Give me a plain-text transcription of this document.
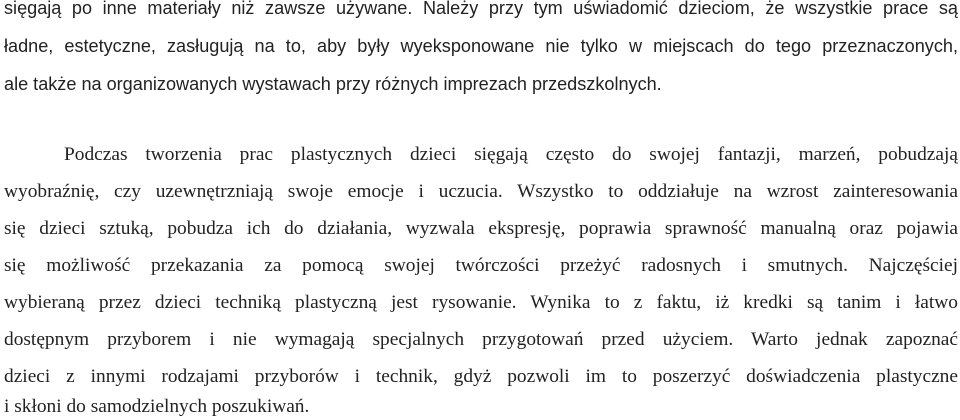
sięgają po inne materiały niż zawsze używane. Należy przy tym uświadomić dzieciom, że wszystkie prace są
ładne, estetyczne, zasługują na to, aby były wyeksponowane nie tylko w miejscach do tego przeznaczonych,
ale także na organizowanych wystawach przy różnych imprezach przedszkolnych.
Podczas tworzenia prac plastycznych dzieci sięgają często do swojej fantazji, marzeń, pobudzają
wyobraźnię, czy uzewnętrzniają swoje emocje i uczucia. Wszystko to oddziałuje na wzrost zainteresowania
się dzieci sztuką, pobudza ich do działania, wyzwala ekspresję, poprawia sprawność manualną oraz pojawia
się możliwość przekazania za pomocą swojej twórczości przeżyć radosnych i smutnych. Najczęściej
wybieraną przez dzieci techniką plastyczną jest rysowanie. Wynika to z faktu, iż kredki są tanim i łatwo
dostępnym przyborem i nie wymagają specjalnych przygotowań przed użyciem. Warto jednak zapoznać
dzieci z innymi rodzajami przyborów i technik, gdyż pozwoli im to poszerzyć doświadczenia plastyczne
i skłoni do samodzielnych poszukiwań.
